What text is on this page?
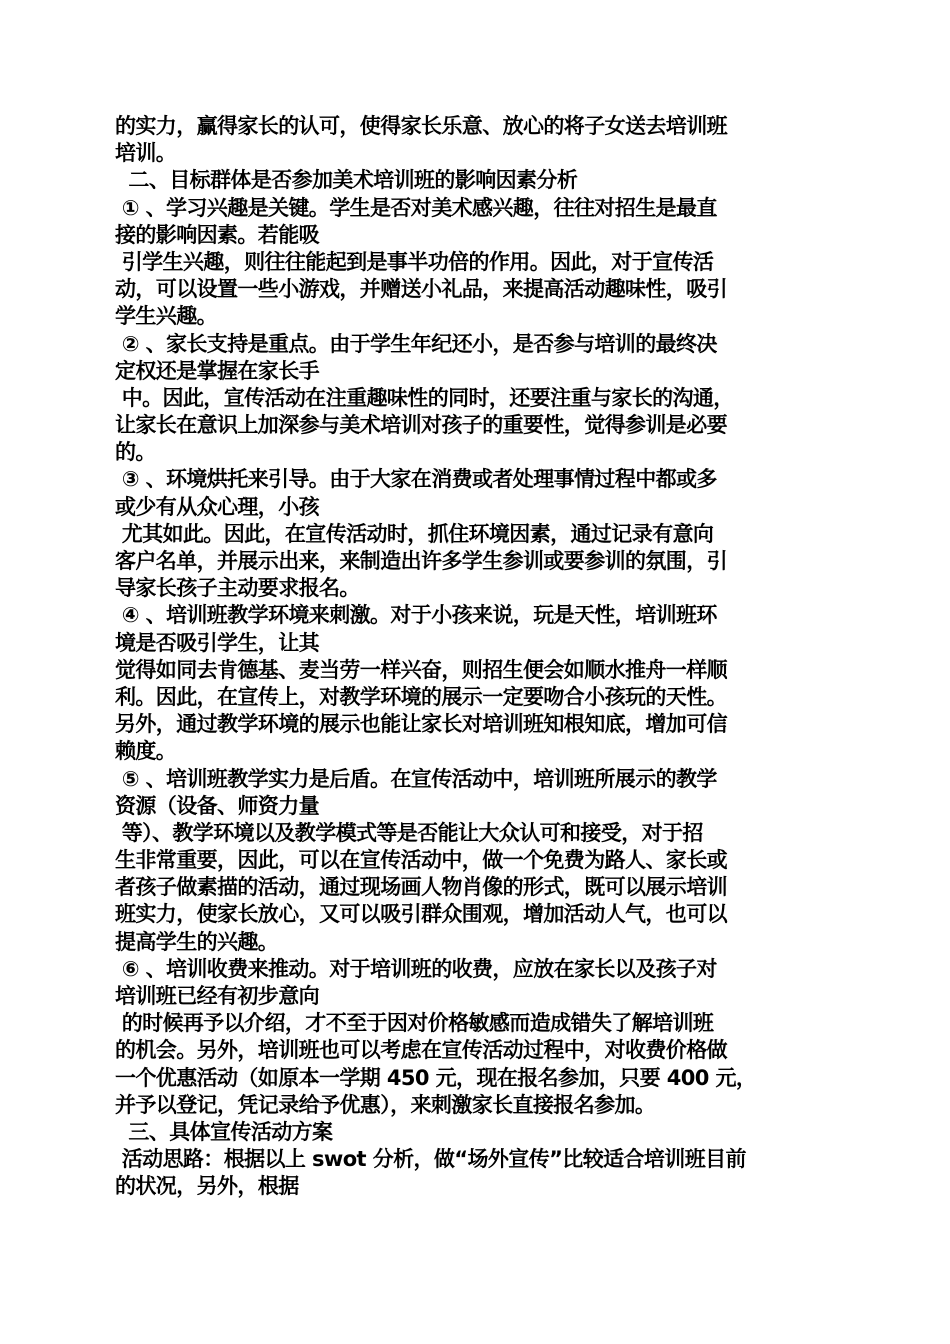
的实力，赢得家长的认可，使得家长乐意、放心的将子女送去培训班
培训。
二、目标群体是否参加美术培训班的影响因素分析
① 、学习兴趣是关键。学生是否对美术感兴趣，往往对招生是最直
接的影响因素。若能吸
引学生兴趣，则往往能起到是事半功倍的作用。因此，对于宣传活
动，可以设置一些小游戏，并赠送小礼品，来提高活动趣味性，吸引
学生兴趣。
② 、家长支持是重点。由于学生年纪还小，是否参与培训的最终决
定权还是掌握在家长手
中。因此，宣传活动在注重趣味性的同时，还要注重与家长的沟通，
让家长在意识上加深参与美术培训对孩子的重要性，觉得参训是必要
的。
③ 、环境烘托来引导。由于大家在消费或者处理事情过程中都或多
或少有从众心理，小孩
尤其如此。因此，在宣传活动时，抓住环境因素，通过记录有意向
客户名单，并展示出来，来制造出许多学生参训或要参训的氛围，引
导家长孩子主动要求报名。
④ 、培训班教学环境来刺激。对于小孩来说，玩是天性，培训班环
境是否吸引学生，让其
觉得如同去肯德基、麦当劳一样兴奋，则招生便会如顺水推舟一样顺
利。因此，在宣传上，对教学环境的展示一定要吻合小孩玩的天性。
另外，通过教学环境的展示也能让家长对培训班知根知底，增加可信
赖度。
⑤ 、培训班教学实力是后盾。在宣传活动中，培训班所展示的教学
资源（设备、师资力量
等）、教学环境以及教学模式等是否能让大众认可和接受，对于招
生非常重要，因此，可以在宣传活动中，做一个免费为路人、家长或
者孩子做素描的活动，通过现场画人物肖像的形式，既可以展示培训
班实力，使家长放心，又可以吸引群众围观，增加活动人气，也可以
提高学生的兴趣。
⑥ 、培训收费来推动。对于培训班的收费，应放在家长以及孩子对
培训班已经有初步意向
的时候再予以介绍，才不至于因对价格敏感而造成错失了解培训班
的机会。另外，培训班也可以考虑在宣传活动过程中，对收费价格做
一个优惠活动（如原本一学期 450 元，现在报名参加，只要 400 元，
并予以登记，凭记录给予优惠），来刺激家长直接报名参加。
三、具体宣传活动方案
活动思路：根据以上 swot 分析，做“场外宣传”比较适合培训班目前
的状况，另外，根据
